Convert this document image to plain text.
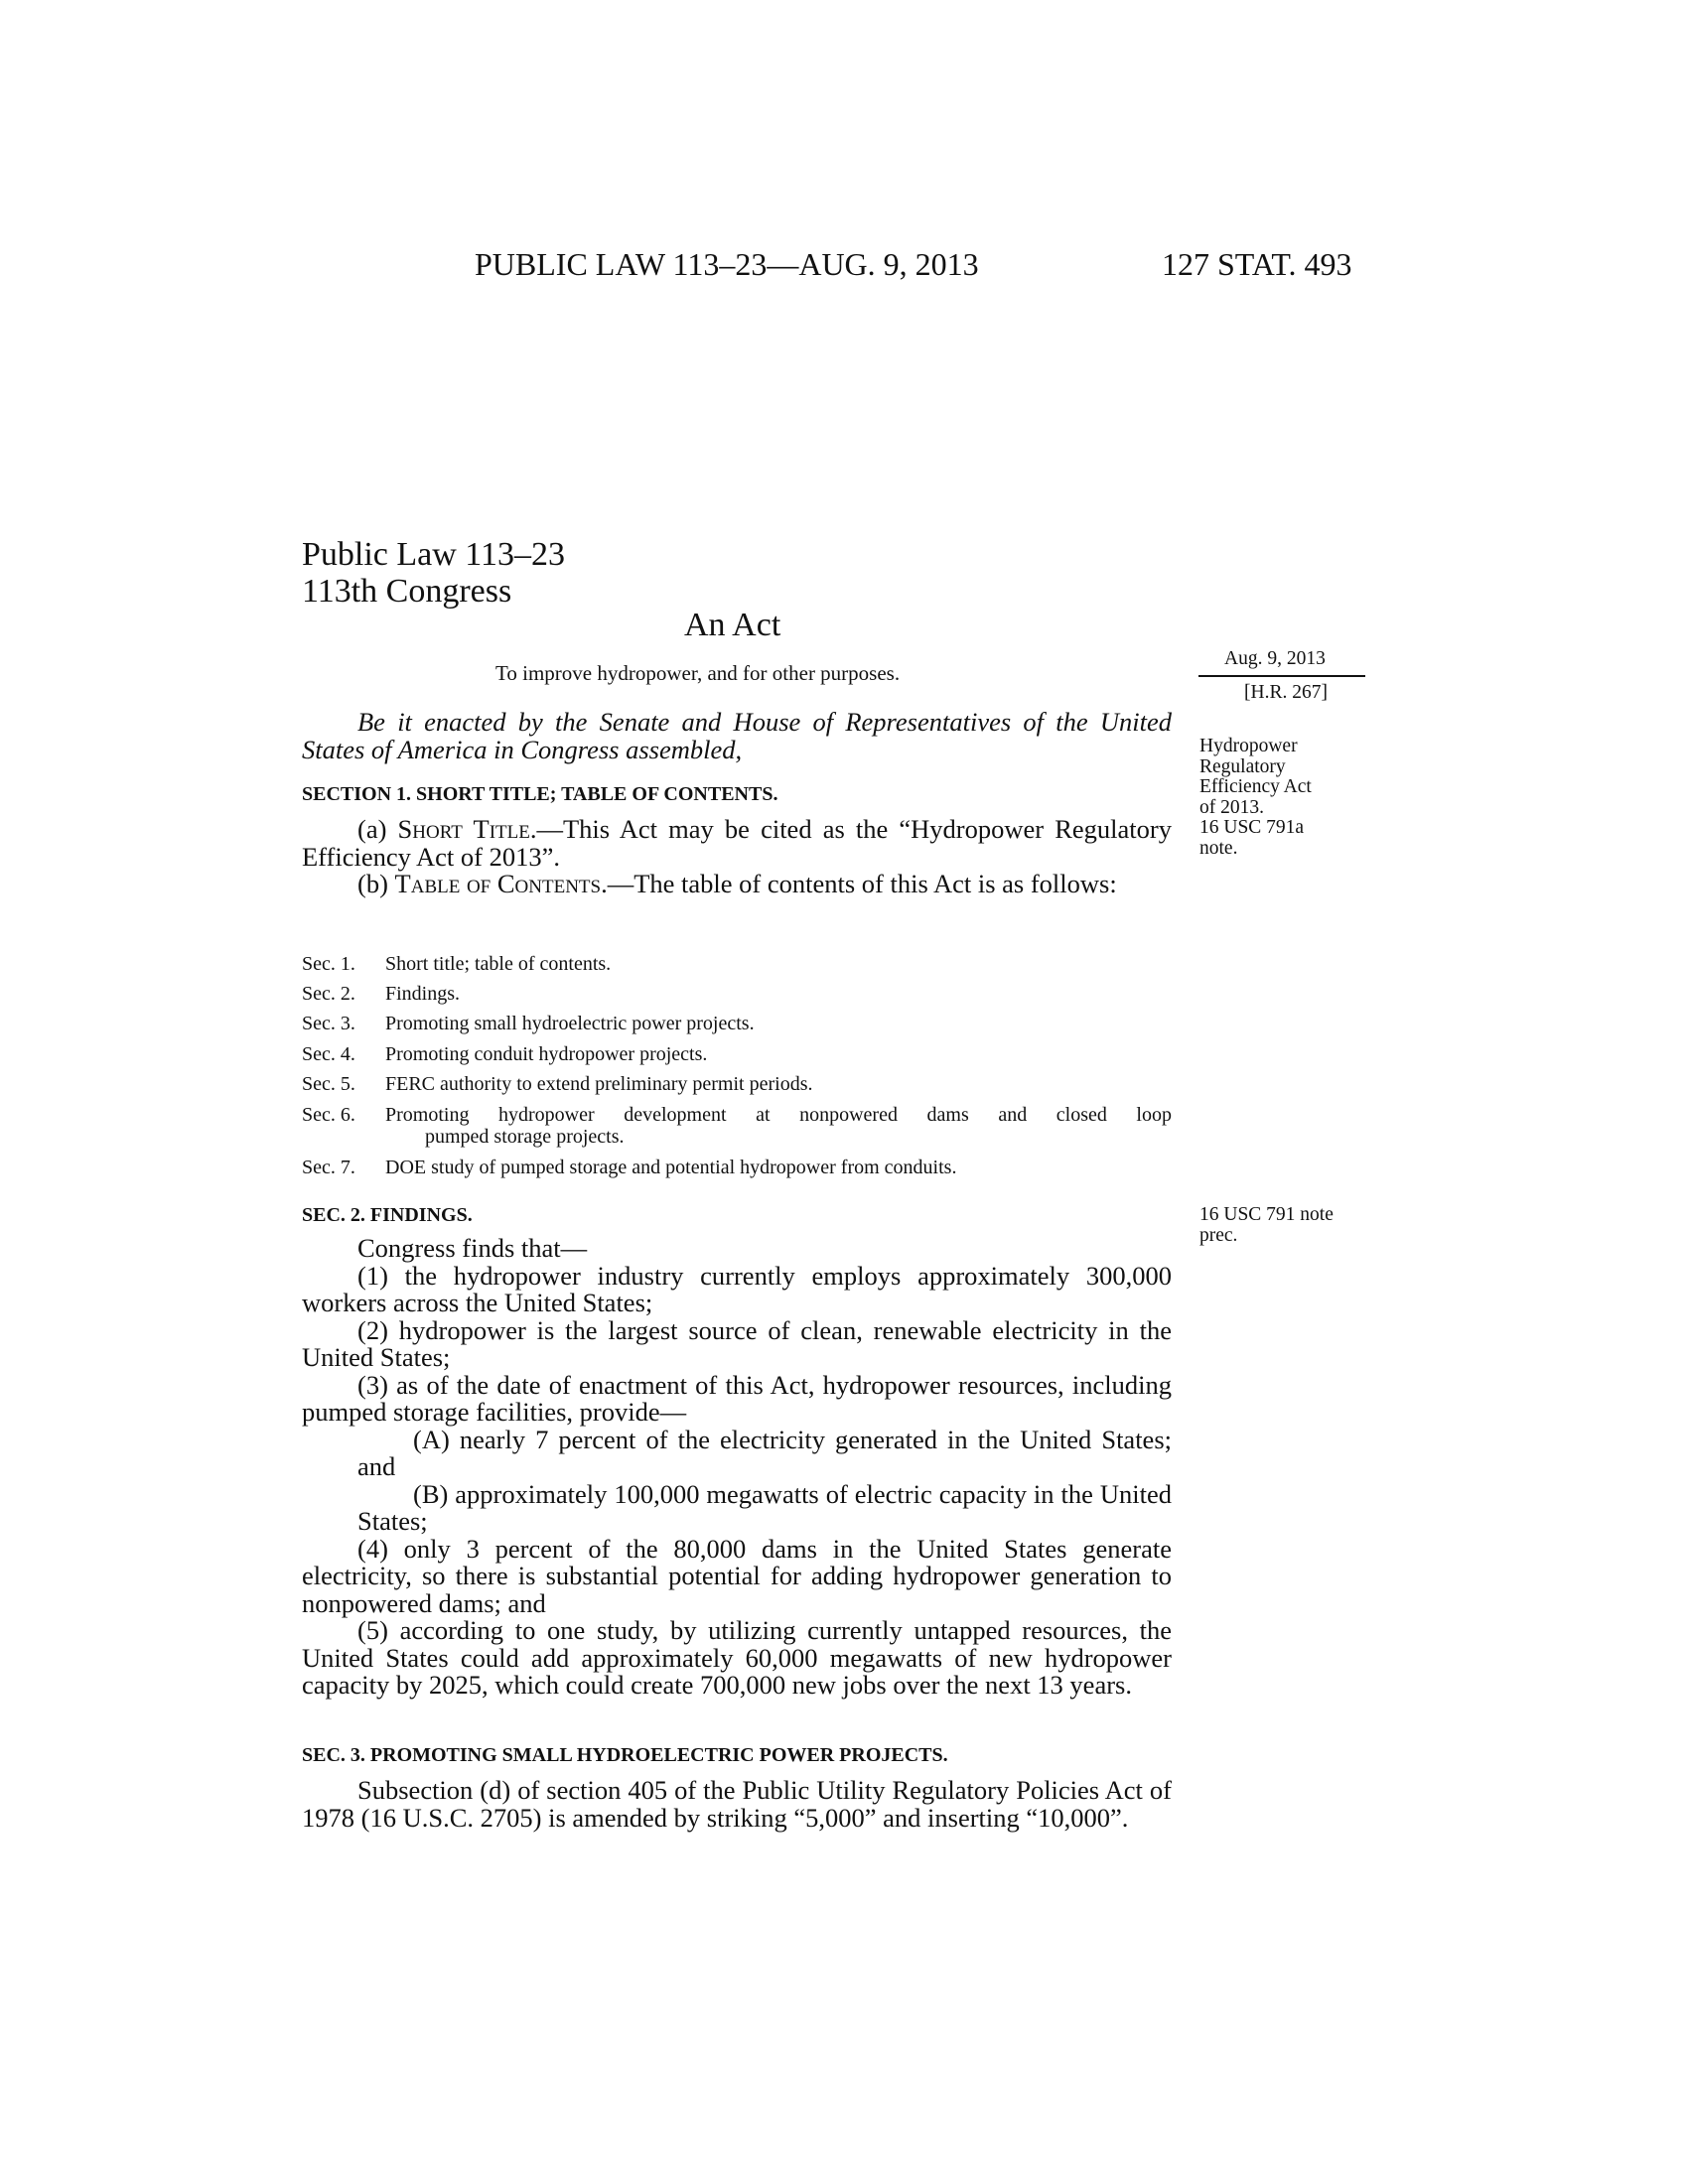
PUBLIC LAW 113–23—AUG. 9, 2013	127 STAT. 493
Public Law 113–23
113th Congress
An Act
To improve hydropower, and for other purposes.
Aug. 9, 2013
[H.R. 267]

Be it enacted by the Senate and House of Representatives of the United States of America in Congress assembled,	Hydropower
Regulatory
Efficiency Act
of 2013.
16 USC 791a
note.
SECTION 1. SHORT TITLE; TABLE OF CONTENTS.

(a) Short Title.—This Act may be cited as the “Hydropower Regulatory Efficiency Act of 2013”.

(b) Table of Contents.—The table of contents of this Act is as follows:

Sec. 1.	Short title; table of contents.
Sec. 2.	Findings.
Sec. 3.	Promoting small hydroelectric power projects.
Sec. 4.	Promoting conduit hydropower projects.
Sec. 5.	FERC authority to extend preliminary permit periods.
Sec. 6.	Promoting hydropower development at nonpowered dams and closed loop
pumped storage projects.
Sec. 7.	DOE study of pumped storage and potential hydropower from conduits.
SEC. 2. FINDINGS.	16 USC 791 note
prec.

Congress finds that—

(1) the hydropower industry currently employs approximately 300,000 workers across the United States;

(2) hydropower is the largest source of clean, renewable electricity in the United States;

(3) as of the date of enactment of this Act, hydropower resources, including pumped storage facilities, provide—

(A) nearly 7 percent of the electricity generated in the United States; and

(B) approximately 100,000 megawatts of electric capacity in the United States;

(4) only 3 percent of the 80,000 dams in the United States generate electricity, so there is substantial potential for adding hydropower generation to nonpowered dams; and

(5) according to one study, by utilizing currently untapped resources, the United States could add approximately 60,000 megawatts of new hydropower capacity by 2025, which could create 700,000 new jobs over the next 13 years.

SEC. 3. PROMOTING SMALL HYDROELECTRIC POWER PROJECTS.

Subsection (d) of section 405 of the Public Utility Regulatory Policies Act of 1978 (16 U.S.C. 2705) is amended by striking “5,000” and inserting “10,000”.
